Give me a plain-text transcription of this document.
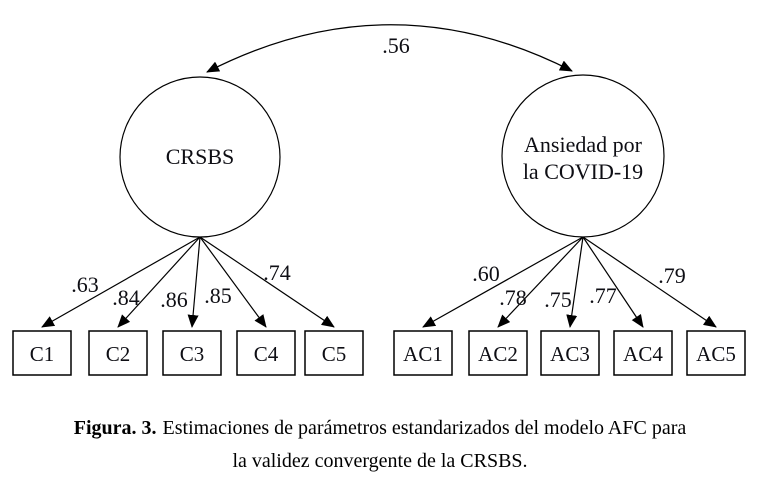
.56
CRSBS
.63
C1
.84
C2
.86
C3
.85
C4
.74
C5
Ansiedad por
la COVID-19
.60
AC1
.78
AC2
.75
AC3
.77
AC4
.79
AC5
Figura. 3. Estimaciones de parámetros estandarizados del modelo AFC para
la validez convergente de la CRSBS.
